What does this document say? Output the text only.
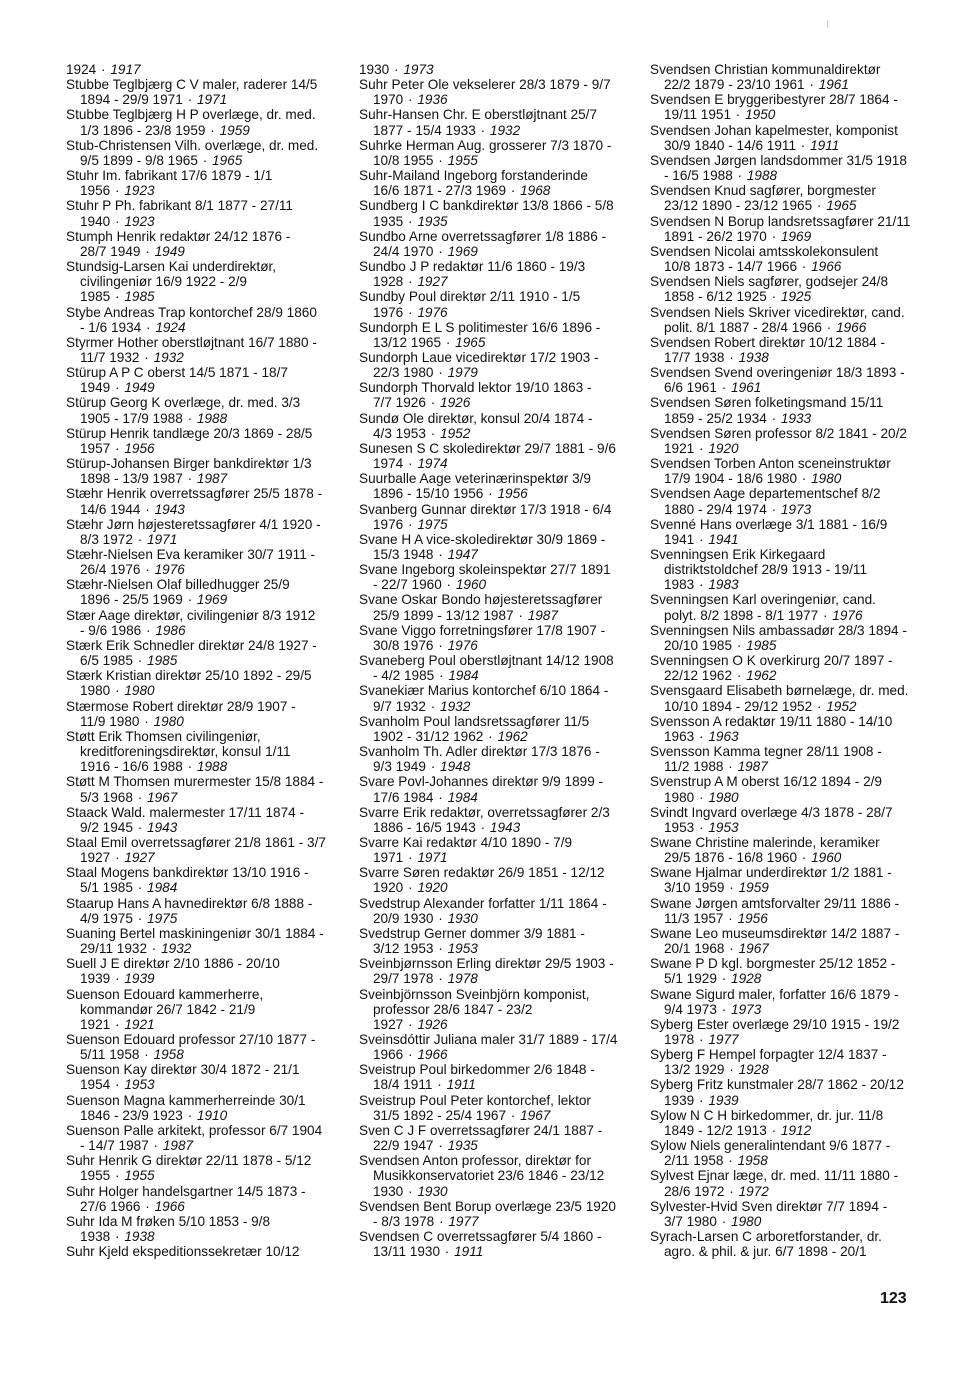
1924 · 1917
Stubbe Teglbjærg C V maler, raderer 14/5
1894 - 29/9 1971 · 1971
Stubbe Teglbjærg H P overlæge, dr. med.
1/3 1896 - 23/8 1959 · 1959
Stub-Christensen Vilh. overlæge, dr. med.
9/5 1899 - 9/8 1965 · 1965
Stuhr Im. fabrikant 17/6 1879 - 1/1
1956 · 1923
Stuhr P Ph. fabrikant 8/1 1877 - 27/11
1940 · 1923
Stumph Henrik redaktør 24/12 1876 -
28/7 1949 · 1949
Stundsig-Larsen Kai underdirektør,
civilingeniør 16/9 1922 - 2/9
1985 · 1985
Stybe Andreas Trap kontorchef 28/9 1860
- 1/6 1934 · 1924
Styrmer Hother oberstløjtnant 16/7 1880 -
11/7 1932 · 1932
Stürup A P C oberst 14/5 1871 - 18/7
1949 · 1949
Stürup Georg K overlæge, dr. med. 3/3
1905 - 17/9 1988 · 1988
Stürup Henrik tandlæge 20/3 1869 - 28/5
1957 · 1956
Stürup-Johansen Birger bankdirektør 1/3
1898 - 13/9 1987 · 1987
Stæhr Henrik overretssagfører 25/5 1878 -
14/6 1944 · 1943
Stæhr Jørn højesteretssagfører 4/1 1920 -
8/3 1972 · 1971
Stæhr-Nielsen Eva keramiker 30/7 1911 -
26/4 1976 · 1976
Stæhr-Nielsen Olaf billedhugger 25/9
1896 - 25/5 1969 · 1969
Stær Aage direktør, civilingeniør 8/3 1912
- 9/6 1986 · 1986
Stærk Erik Schnedler direktør 24/8 1927 -
6/5 1985 · 1985
Stærk Kristian direktør 25/10 1892 - 29/5
1980 · 1980
Stærmose Robert direktør 28/9 1907 -
11/9 1980 · 1980
Støtt Erik Thomsen civilingeniør,
kreditforeningsdirektør, konsul 1/11
1916 - 16/6 1988 · 1988
Støtt M Thomsen murermester 15/8 1884 -
5/3 1968 · 1967
Staack Wald. malermester 17/11 1874 -
9/2 1945 · 1943
Staal Emil overretssagfører 21/8 1861 - 3/7
1927 · 1927
Staal Mogens bankdirektør 13/10 1916 -
5/1 1985 · 1984
Staarup Hans A havnedirektør 6/8 1888 -
4/9 1975 · 1975
Suaning Bertel maskiningeniør 30/1 1884 -
29/11 1932 · 1932
Suell J E direktør 2/10 1886 - 20/10
1939 · 1939
Suenson Edouard kammerherre,
kommandør 26/7 1842 - 21/9
1921 · 1921
Suenson Edouard professor 27/10 1877 -
5/11 1958 · 1958
Suenson Kay direktør 30/4 1872 - 21/1
1954 · 1953
Suenson Magna kammerherreinde 30/1
1846 - 23/9 1923 · 1910
Suenson Palle arkitekt, professor 6/7 1904
- 14/7 1987 · 1987
Suhr Henrik G direktør 22/11 1878 - 5/12
1955 · 1955
Suhr Holger handelsgartner 14/5 1873 -
27/6 1966 · 1966
Suhr Ida M frøken 5/10 1853 - 9/8
1938 · 1938
Suhr Kjeld ekspeditionssekretær 10/12
1930 · 1973
Suhr Peter Ole vekselerer 28/3 1879 - 9/7
1970 · 1936
Suhr-Hansen Chr. E oberstløjtnant 25/7
1877 - 15/4 1933 · 1932
Suhrke Herman Aug. grosserer 7/3 1870 -
10/8 1955 · 1955
Suhr-Mailand Ingeborg forstanderinde
16/6 1871 - 27/3 1969 · 1968
Sundberg I C bankdirektør 13/8 1866 - 5/8
1935 · 1935
Sundbo Arne overretssagfører 1/8 1886 -
24/4 1970 · 1969
Sundbo J P redaktør 11/6 1860 - 19/3
1928 · 1927
Sundby Poul direktør 2/11 1910 - 1/5
1976 · 1976
Sundorph E L S politimester 16/6 1896 -
13/12 1965 · 1965
Sundorph Laue vicedirektør 17/2 1903 -
22/3 1980 · 1979
Sundorph Thorvald lektor 19/10 1863 -
7/7 1926 · 1926
Sundø Ole direktør, konsul 20/4 1874 -
4/3 1953 · 1952
Sunesen S C skoledirektør 29/7 1881 - 9/6
1974 · 1974
Suurballe Aage veterinærinspektør 3/9
1896 - 15/10 1956 · 1956
Svanberg Gunnar direktør 17/3 1918 - 6/4
1976 · 1975
Svane H A vice-skoledirektør 30/9 1869 -
15/3 1948 · 1947
Svane Ingeborg skoleinspektør 27/7 1891
- 22/7 1960 · 1960
Svane Oskar Bondo højesteretssagfører
25/9 1899 - 13/12 1987 · 1987
Svane Viggo forretningsfører 17/8 1907 -
30/8 1976 · 1976
Svaneberg Poul oberstløjtnant 14/12 1908
- 4/2 1985 · 1984
Svanekiær Marius kontorchef 6/10 1864 -
9/7 1932 · 1932
Svanholm Poul landsretssagfører 11/5
1902 - 31/12 1962 · 1962
Svanholm Th. Adler direktør 17/3 1876 -
9/3 1949 · 1948
Svare Povl-Johannes direktør 9/9 1899 -
17/6 1984 · 1984
Svarre Erik redaktør, overretssagfører 2/3
1886 - 16/5 1943 · 1943
Svarre Kai redaktør 4/10 1890 - 7/9
1971 · 1971
Svarre Søren redaktør 26/9 1851 - 12/12
1920 · 1920
Svedstrup Alexander forfatter 1/11 1864 -
20/9 1930 · 1930
Svedstrup Gerner dommer 3/9 1881 -
3/12 1953 · 1953
Sveinbjørnsson Erling direktør 29/5 1903 -
29/7 1978 · 1978
Sveinbjörnsson Sveinbjörn komponist,
professor 28/6 1847 - 23/2
1927 · 1926
Sveinsdóttir Juliana maler 31/7 1889 - 17/4
1966 · 1966
Sveistrup Poul birkedommer 2/6 1848 -
18/4 1911 · 1911
Sveistrup Poul Peter kontorchef, lektor
31/5 1892 - 25/4 1967 · 1967
Sven C J F overretssagfører 24/1 1887 -
22/9 1947 · 1935
Svendsen Anton professor, direktør for
Musikkonservatoriet 23/6 1846 - 23/12
1930 · 1930
Svendsen Bent Borup overlæge 23/5 1920
- 8/3 1978 · 1977
Svendsen C overretssagfører 5/4 1860 -
13/11 1930 · 1911
Svendsen Christian kommunaldirektør
22/2 1879 - 23/10 1961 · 1961
Svendsen E bryggeribestyrer 28/7 1864 -
19/11 1951 · 1950
Svendsen Johan kapelmester, komponist
30/9 1840 - 14/6 1911 · 1911
Svendsen Jørgen landsdommer 31/5 1918
- 16/5 1988 · 1988
Svendsen Knud sagfører, borgmester
23/12 1890 - 23/12 1965 · 1965
Svendsen N Borup landsretssagfører 21/11
1891 - 26/2 1970 · 1969
Svendsen Nicolai amtsskolekonsulent
10/8 1873 - 14/7 1966 · 1966
Svendsen Niels sagfører, godsejer 24/8
1858 - 6/12 1925 · 1925
Svendsen Niels Skriver vicedirektør, cand.
polit. 8/1 1887 - 28/4 1966 · 1966
Svendsen Robert direktør 10/12 1884 -
17/7 1938 · 1938
Svendsen Svend overingeniør 18/3 1893 -
6/6 1961 · 1961
Svendsen Søren folketingsmand 15/11
1859 - 25/2 1934 · 1933
Svendsen Søren professor 8/2 1841 - 20/2
1921 · 1920
Svendsen Torben Anton sceneinstruktør
17/9 1904 - 18/6 1980 · 1980
Svendsen Aage departementschef 8/2
1880 - 29/4 1974 · 1973
Svenné Hans overlæge 3/1 1881 - 16/9
1941 · 1941
Svenningsen Erik Kirkegaard
distriktstoldchef 28/9 1913 - 19/11
1983 · 1983
Svenningsen Karl overingeniør, cand.
polyt. 8/2 1898 - 8/1 1977 · 1976
Svenningsen Nils ambassadør 28/3 1894 -
20/10 1985 · 1985
Svenningsen O K overkirurg 20/7 1897 -
22/12 1962 · 1962
Svensgaard Elisabeth børnelæge, dr. med.
10/10 1894 - 29/12 1952 · 1952
Svensson A redaktør 19/11 1880 - 14/10
1963 · 1963
Svensson Kamma tegner 28/11 1908 -
11/2 1988 · 1987
Svenstrup A M oberst 16/12 1894 - 2/9
1980 · 1980
Svindt Ingvard overlæge 4/3 1878 - 28/7
1953 · 1953
Swane Christine malerinde, keramiker
29/5 1876 - 16/8 1960 · 1960
Swane Hjalmar underdirektør 1/2 1881 -
3/10 1959 · 1959
Swane Jørgen amtsforvalter 29/11 1886 -
11/3 1957 · 1956
Swane Leo museumsdirektør 14/2 1887 -
20/1 1968 · 1967
Swane P D kgl. borgmester 25/12 1852 -
5/1 1929 · 1928
Swane Sigurd maler, forfatter 16/6 1879 -
9/4 1973 · 1973
Syberg Ester overlæge 29/10 1915 - 19/2
1978 · 1977
Syberg F Hempel forpagter 12/4 1837 -
13/2 1929 · 1928
Syberg Fritz kunstmaler 28/7 1862 - 20/12
1939 · 1939
Sylow N C H birkedommer, dr. jur. 11/8
1849 - 12/2 1913 · 1912
Sylow Niels generalintendant 9/6 1877 -
2/11 1958 · 1958
Sylvest Ejnar læge, dr. med. 11/11 1880 -
28/6 1972 · 1972
Sylvester-Hvid Sven direktør 7/7 1894 -
3/7 1980 · 1980
Syrach-Larsen C arboretforstander, dr.
agro. & phil. & jur. 6/7 1898 - 20/1
123
